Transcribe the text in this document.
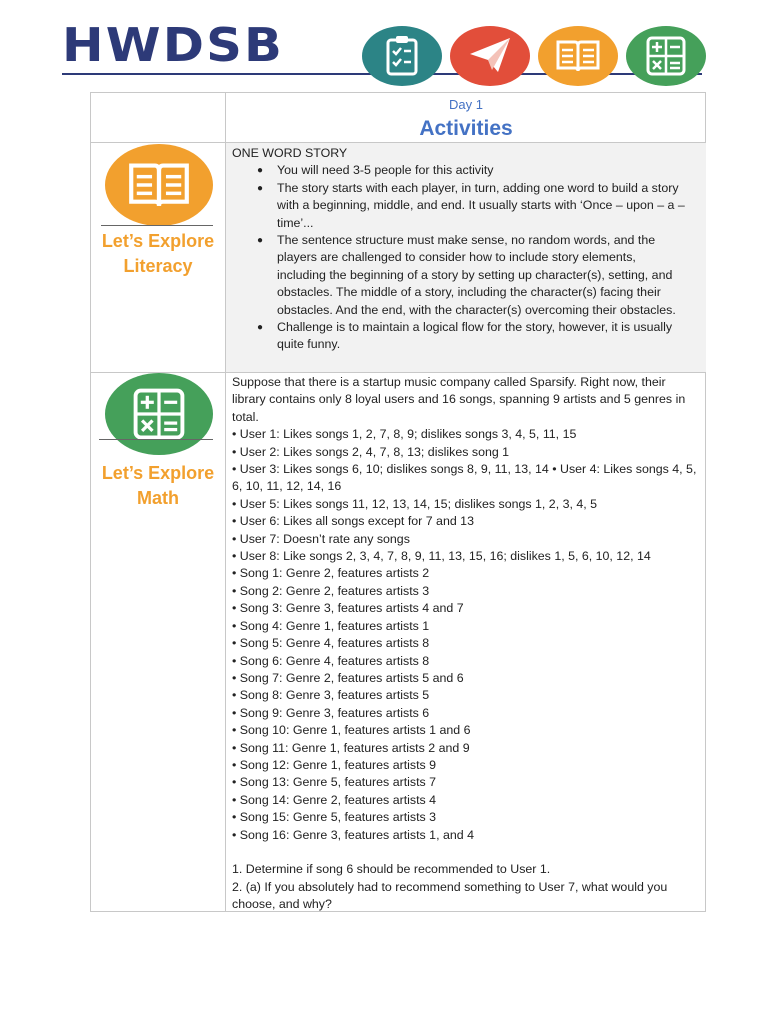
HWDSB
Day 1
Activities
Let’s Explore
Literacy
ONE WORD STORY
● You will need 3-5 people for this activity
● The story starts with each player, in turn, adding one word to build a story
with a beginning, middle, and end. It usually starts with ‘Once – upon – a –
time’...
● The sentence structure must make sense, no random words, and the
players are challenged to consider how to include story elements,
including the beginning of a story by setting up character(s), setting, and
obstacles. The middle of a story, including the character(s) facing their
obstacles. And the end, with the character(s) overcoming their obstacles.
● Challenge is to maintain a logical flow for the story, however, it is usually
quite funny.
Let’s Explore
Math
Suppose that there is a startup music company called Sparsify. Right now, their
library contains only 8 loyal users and 16 songs, spanning 9 artists and 5 genres in
total.
• User 1: Likes songs 1, 2, 7, 8, 9; dislikes songs 3, 4, 5, 11, 15
• User 2: Likes songs 2, 4, 7, 8, 13; dislikes song 1
• User 3: Likes songs 6, 10; dislikes songs 8, 9, 11, 13, 14 • User 4: Likes songs 4, 5,
6, 10, 11, 12, 14, 16
• User 5: Likes songs 11, 12, 13, 14, 15; dislikes songs 1, 2, 3, 4, 5
• User 6: Likes all songs except for 7 and 13
• User 7: Doesn’t rate any songs
• User 8: Like songs 2, 3, 4, 7, 8, 9, 11, 13, 15, 16; dislikes 1, 5, 6, 10, 12, 14
• Song 1: Genre 2, features artists 2
• Song 2: Genre 2, features artists 3
• Song 3: Genre 3, features artists 4 and 7
• Song 4: Genre 1, features artists 1
• Song 5: Genre 4, features artists 8
• Song 6: Genre 4, features artists 8
• Song 7: Genre 2, features artists 5 and 6
• Song 8: Genre 3, features artists 5
• Song 9: Genre 3, features artists 6
• Song 10: Genre 1, features artists 1 and 6
• Song 11: Genre 1, features artists 2 and 9
• Song 12: Genre 1, features artists 9
• Song 13: Genre 5, features artists 7
• Song 14: Genre 2, features artists 4
• Song 15: Genre 5, features artists 3
• Song 16: Genre 3, features artists 1, and 4
1. Determine if song 6 should be recommended to User 1.
2. (a) If you absolutely had to recommend something to User 7, what would you
choose, and why?
